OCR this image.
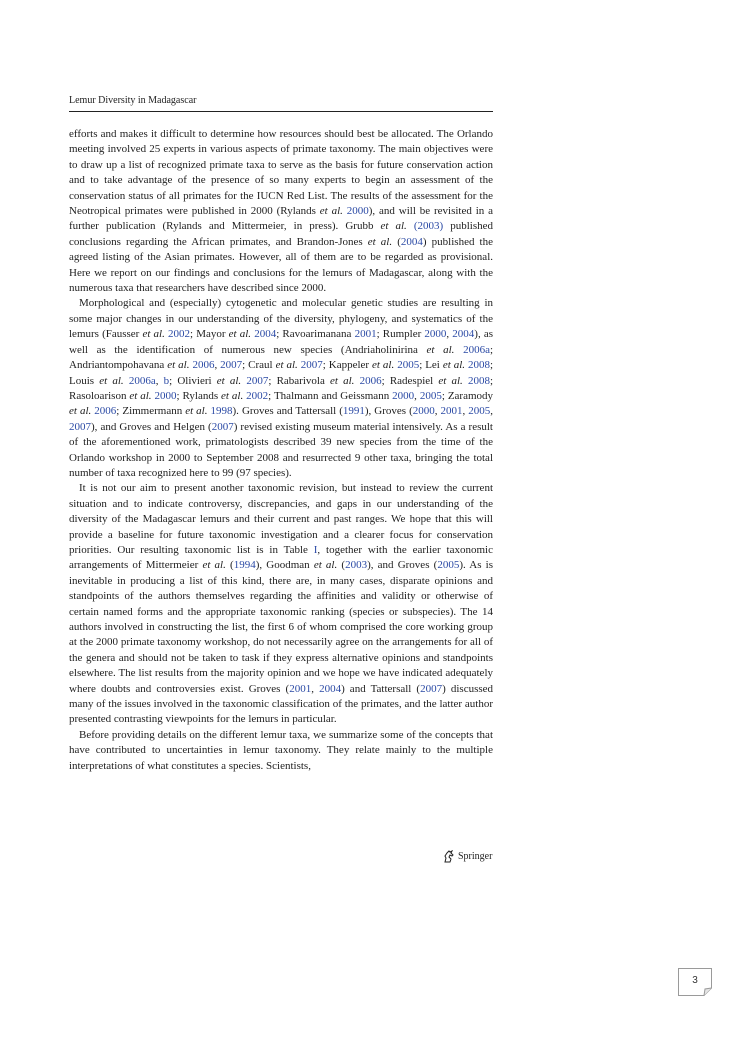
Lemur Diversity in Madagascar

efforts and makes it difficult to determine how resources should best be allocated. The Orlando meeting involved 25 experts in various aspects of primate taxonomy. The main objectives were to draw up a list of recognized primate taxa to serve as the basis for future conservation action and to take advantage of the presence of so many experts to begin an assessment of the conservation status of all primates for the IUCN Red List. The results of the assessment for the Neotropical primates were published in 2000 (Rylands et al. 2000), and will be revisited in a further publication (Rylands and Mittermeier, in press). Grubb et al. (2003) published conclusions regarding the African primates, and Brandon-Jones et al. (2004) published the agreed listing of the Asian primates. However, all of them are to be regarded as provisional. Here we report on our findings and conclusions for the lemurs of Madagascar, along with the numerous taxa that researchers have described since 2000.

Morphological and (especially) cytogenetic and molecular genetic studies are resulting in some major changes in our understanding of the diversity, phylogeny, and systematics of the lemurs (Fausser et al. 2002; Mayor et al. 2004; Ravoarimanana 2001; Rumpler 2000, 2004), as well as the identification of numerous new species (Andriaholinirina et al. 2006a; Andriantompohavana et al. 2006, 2007; Craul et al. 2007; Kappeler et al. 2005; Lei et al. 2008; Louis et al. 2006a, b; Olivieri et al. 2007; Rabarivola et al. 2006; Radespiel et al. 2008; Rasoloarison et al. 2000; Rylands et al. 2002; Thalmann and Geissmann 2000, 2005; Zaramody et al. 2006; Zimmermann et al. 1998). Groves and Tattersall (1991), Groves (2000, 2001, 2005, 2007), and Groves and Helgen (2007) revised existing museum material intensively. As a result of the aforementioned work, primatologists described 39 new species from the time of the Orlando workshop in 2000 to September 2008 and resurrected 9 other taxa, bringing the total number of taxa recognized here to 99 (97 species).

It is not our aim to present another taxonomic revision, but instead to review the current situation and to indicate controversy, discrepancies, and gaps in our understanding of the diversity of the Madagascar lemurs and their current and past ranges. We hope that this will provide a baseline for future taxonomic investigation and a clearer focus for conservation priorities. Our resulting taxonomic list is in Table I, together with the earlier taxonomic arrangements of Mittermeier et al. (1994), Goodman et al. (2003), and Groves (2005). As is inevitable in producing a list of this kind, there are, in many cases, disparate opinions and standpoints of the authors themselves regarding the affinities and validity or otherwise of certain named forms and the appropriate taxonomic ranking (species or subspecies). The 14 authors involved in constructing the list, the first 6 of whom comprised the core working group at the 2000 primate taxonomy workshop, do not necessarily agree on the arrangements for all of the genera and should not be taken to task if they express alternative opinions and standpoints elsewhere. The list results from the majority opinion and we hope we have indicated adequately where doubts and controversies exist. Groves (2001, 2004) and Tattersall (2007) discussed many of the issues involved in the taxonomic classification of the primates, and the latter author presented contrasting viewpoints for the lemurs in particular.

Before providing details on the different lemur taxa, we summarize some of the concepts that have contributed to uncertainties in lemur taxonomy. They relate mainly to the multiple interpretations of what constitutes a species. Scientists,

Springer
3
